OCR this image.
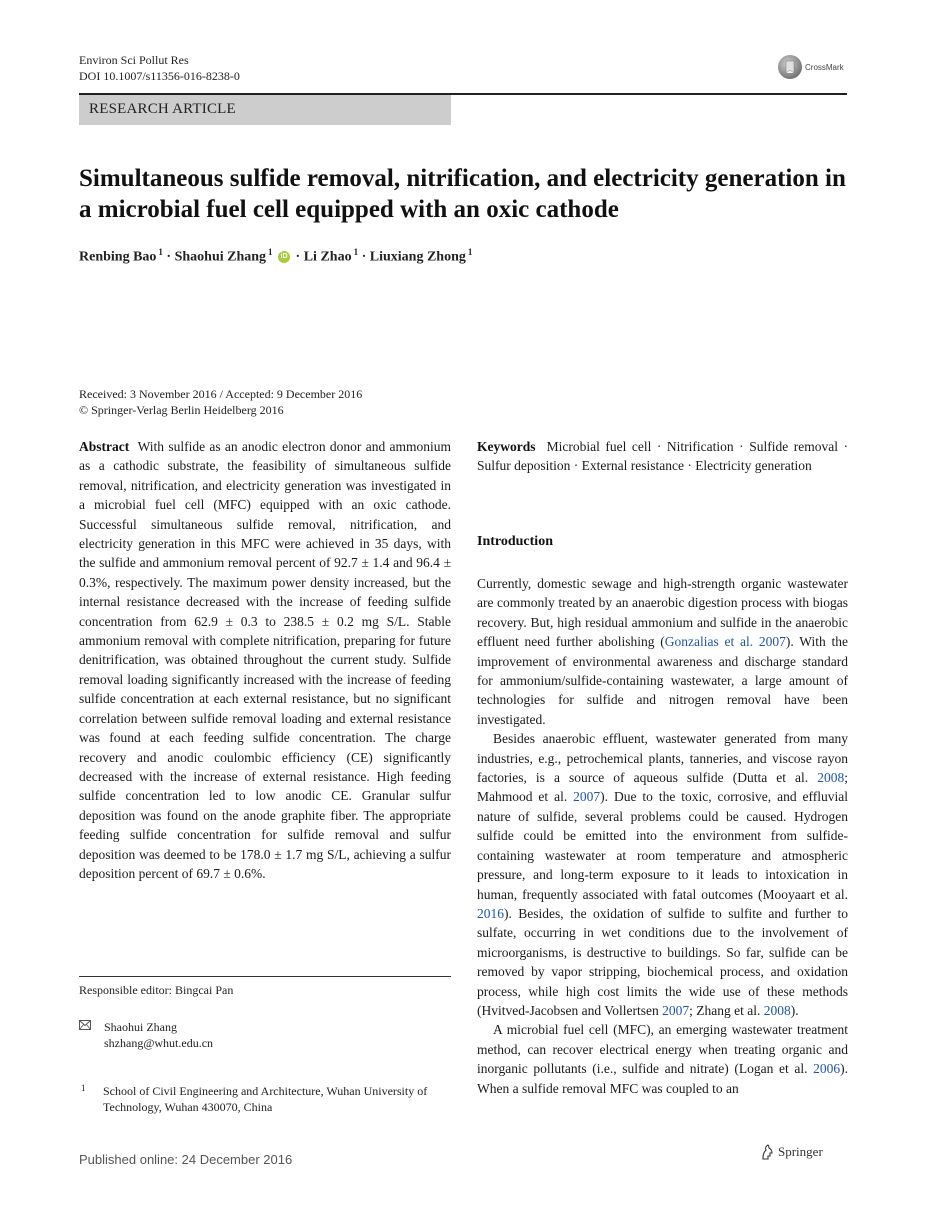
Environ Sci Pollut Res
DOI 10.1007/s11356-016-8238-0
CrossMark
RESEARCH ARTICLE
Simultaneous sulfide removal, nitrification, and electricity generation in a microbial fuel cell equipped with an oxic cathode
Renbing Bao $^1$ · Shaohui Zhang $^1$ iD · Li Zhao $^1$ · Liuxiang Zhong $^1$
Received: 3 November 2016 / Accepted: 9 December 2016
© Springer-Verlag Berlin Heidelberg 2016
Abstract With sulfide as an anodic electron donor and ammonium as a cathodic substrate, the feasibility of simultaneous sulfide removal, nitrification, and electricity generation was investigated in a microbial fuel cell (MFC) equipped with an oxic cathode. Successful simultaneous sulfide removal, nitrification, and electricity generation in this MFC were achieved in 35 days, with the sulfide and ammonium removal percent of 92.7 ± 1.4 and 96.4 ± 0.3%, respectively. The maximum power density increased, but the internal resistance decreased with the increase of feeding sulfide concentration from 62.9 ± 0.3 to 238.5 ± 0.2 mg S/L. Stable ammonium removal with complete nitrification, preparing for future denitrification, was obtained throughout the current study. Sulfide removal loading significantly increased with the increase of feeding sulfide concentration at each external resistance, but no significant correlation between sulfide removal loading and external resistance was found at each feeding sulfide concentration. The charge recovery and anodic coulombic efficiency (CE) significantly decreased with the increase of external resistance. High feeding sulfide concentration led to low anodic CE. Granular sulfur deposition was found on the anode graphite fiber. The appropriate feeding sulfide concentration for sulfide removal and sulfur deposition was deemed to be 178.0 ± 1.7 mg S/L, achieving a sulfur deposition percent of 69.7 ± 0.6%.
Keywords Microbial fuel cell · Nitrification · Sulfide removal · Sulfur deposition · External resistance · Electricity generation
Introduction

Currently, domestic sewage and high-strength organic wastewater are commonly treated by an anaerobic digestion process with biogas recovery. But, high residual ammonium and sulfide in the anaerobic effluent need further abolishing (Gonzalias et al. 2007). With the improvement of environmental awareness and discharge standard for ammonium/sulfide-containing wastewater, a large amount of technologies for sulfide and nitrogen removal have been investigated.

Besides anaerobic effluent, wastewater generated from many industries, e.g., petrochemical plants, tanneries, and viscose rayon factories, is a source of aqueous sulfide (Dutta et al. 2008; Mahmood et al. 2007). Due to the toxic, corrosive, and effluvial nature of sulfide, several problems could be caused. Hydrogen sulfide could be emitted into the environment from sulfide-containing wastewater at room temperature and atmospheric pressure, and long-term exposure to it leads to intoxication in human, frequently associated with fatal outcomes (Mooyaart et al. 2016). Besides, the oxidation of sulfide to sulfite and further to sulfate, occurring in wet conditions due to the involvement of microorganisms, is destructive to buildings. So far, sulfide can be removed by vapor stripping, biochemical process, and oxidation process, while high cost limits the wide use of these methods (Hvitved-Jacobsen and Vollertsen 2007; Zhang et al. 2008).

A microbial fuel cell (MFC), an emerging wastewater treatment method, can recover electrical energy when treating organic and inorganic pollutants (i.e., sulfide and nitrate) (Logan et al. 2006). When a sulfide removal MFC was coupled to an

Responsible editor: Bingcai Pan
Shaohui Zhang
shzhang@whut.edu.cn
1 School of Civil Engineering and Architecture, Wuhan University of Technology, Wuhan 430070, China
Published online: 24 December 2016
Springer
